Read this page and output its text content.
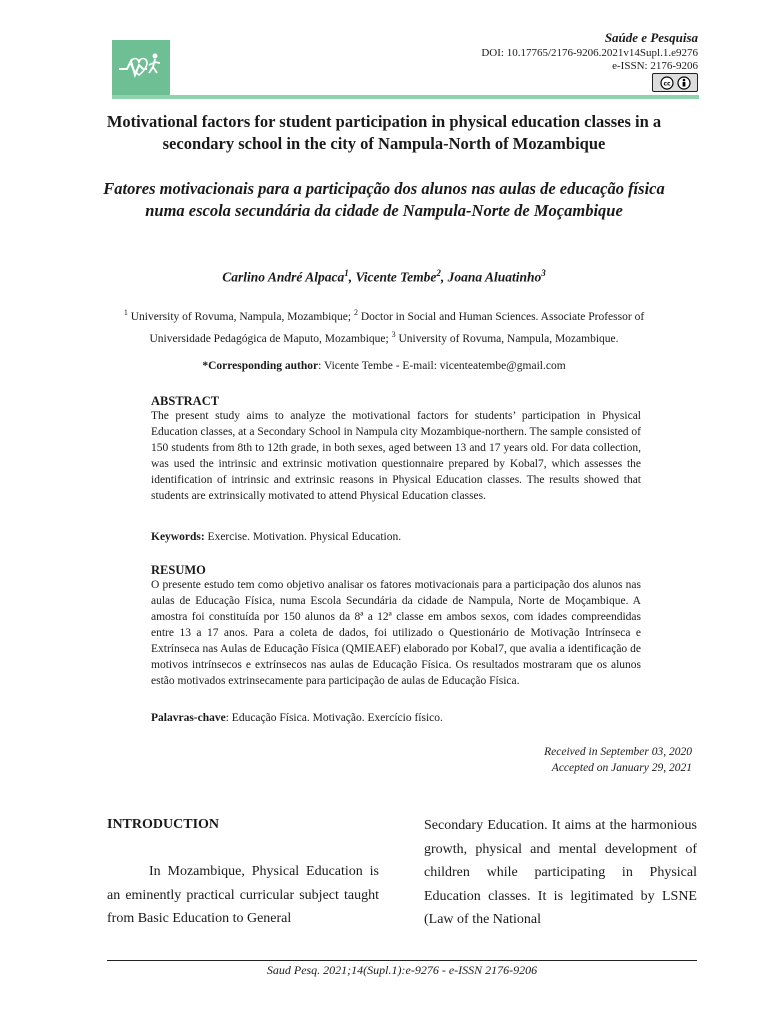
Saúde e Pesquisa
DOI: 10.17765/2176-9206.2021v14Supl.1.e9276
e-ISSN: 2176-9206
cc
Motivational factors for student participation in physical education classes in a secondary school in the city of Nampula-North of Mozambique
Fatores motivacionais para a participação dos alunos nas aulas de educação física numa escola secundária da cidade de Nampula-Norte de Moçambique
Carlino André Alpaca$^1$, Vicente Tembe$^2$, Joana Aluatinho$^3$
$^1$ University of Rovuma, Nampula, Mozambique; $^2$ Doctor in Social and Human Sciences. Associate Professor of Universidade Pedagógica de Maputo, Mozambique; $^3$ University of Rovuma, Nampula, Mozambique.
*Corresponding author: Vicente Tembe - E-mail: vicenteatembe@gmail.com
ABSTRACT

The present study aims to analyze the motivational factors for students’ participation in Physical Education classes, at a Secondary School in Nampula city Mozambique-northern. The sample consisted of 150 students from 8th to 12th grade, in both sexes, aged between 13 and 17 years old. For data collection, was used the intrinsic and extrinsic motivation questionnaire prepared by Kobal7, which assesses the identification of intrinsic and extrinsic reasons in Physical Education classes. The results showed that students are extrinsically motivated to attend Physical Education classes.

Keywords: Exercise. Motivation. Physical Education.
RESUMO

O presente estudo tem como objetivo analisar os fatores motivacionais para a participação dos alunos nas aulas de Educação Física, numa Escola Secundária da cidade de Nampula, Norte de Moçambique. A amostra foi constituída por 150 alunos da 8ª a 12ª classe em ambos sexos, com idades compreendidas entre 13 a 17 anos. Para a coleta de dados, foi utilizado o Questionário de Motivação Intrínseca e Extrínseca nas Aulas de Educação Física (QMIEAEF) elaborado por Kobal7, que avalia a identificação de motivos intrínsecos e extrínsecos nas aulas de Educação Física. Os resultados mostraram que os alunos estão motivados extrinsecamente para participação de aulas de Educação Física.

Palavras-chave: Educação Física. Motivação. Exercício físico.
Received in September 03, 2020
Accepted on January 29, 2021
INTRODUCTION

In Mozambique, Physical Education is an eminently practical curricular subject taught from Basic Education to General

Secondary Education. It aims at the harmonious growth, physical and mental development of children while participating in Physical Education classes. It is legitimated by LSNE (Law of the National

Saud Pesq. 2021;14(Supl.1):e-9276 - e-ISSN 2176-9206
